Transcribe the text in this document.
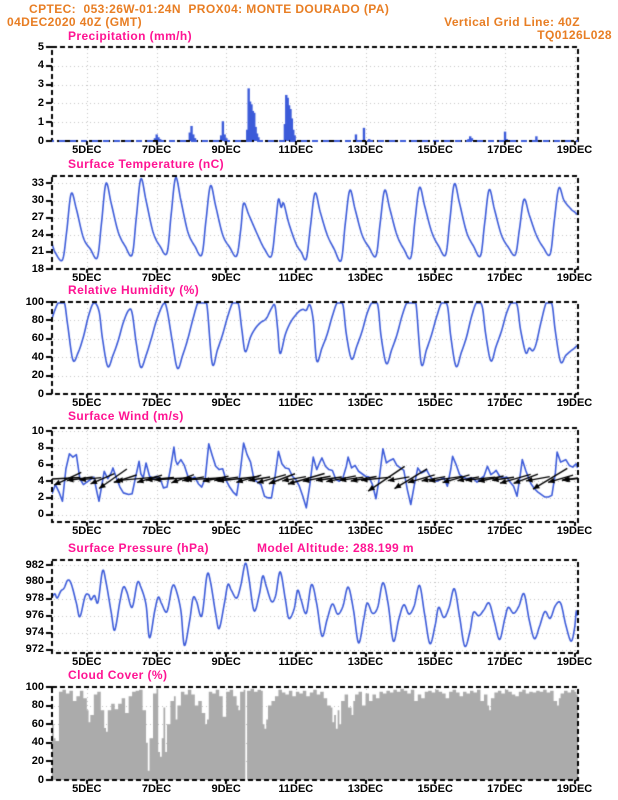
CPTEC:  053:26W-01:24N  PROX04: MONTE DOURADO (PA)
04DEC2020 40Z (GMT)	Vertical Grid Line: 40Z
TQ0126L028
Precipitation (mm/h)
Surface Temperature (nC)
Relative Humidity (%)
Surface Wind (m/s)
Surface Pressure (hPa)	Model Altitude: 288.199 m
Cloud Cover (%)
0
1
2
3
4
5
5DEC	7DEC	9DEC	11DEC	13DEC	15DEC	17DEC	19DEC
18
21
24
27
30
33
5DEC	7DEC	9DEC	11DEC	13DEC	15DEC	17DEC	19DEC
0
20
40
60
80
100
5DEC	7DEC	9DEC	11DEC	13DEC	15DEC	17DEC	19DEC
0
2
4
6
8
10
5DEC	7DEC	9DEC	11DEC	13DEC	15DEC	17DEC	19DEC
972
974
976
978
980
982
5DEC	7DEC	9DEC	11DEC	13DEC	15DEC	17DEC	19DEC
0
20
40
60
80
100
5DEC	7DEC	9DEC	11DEC	13DEC	15DEC	17DEC	19DEC
